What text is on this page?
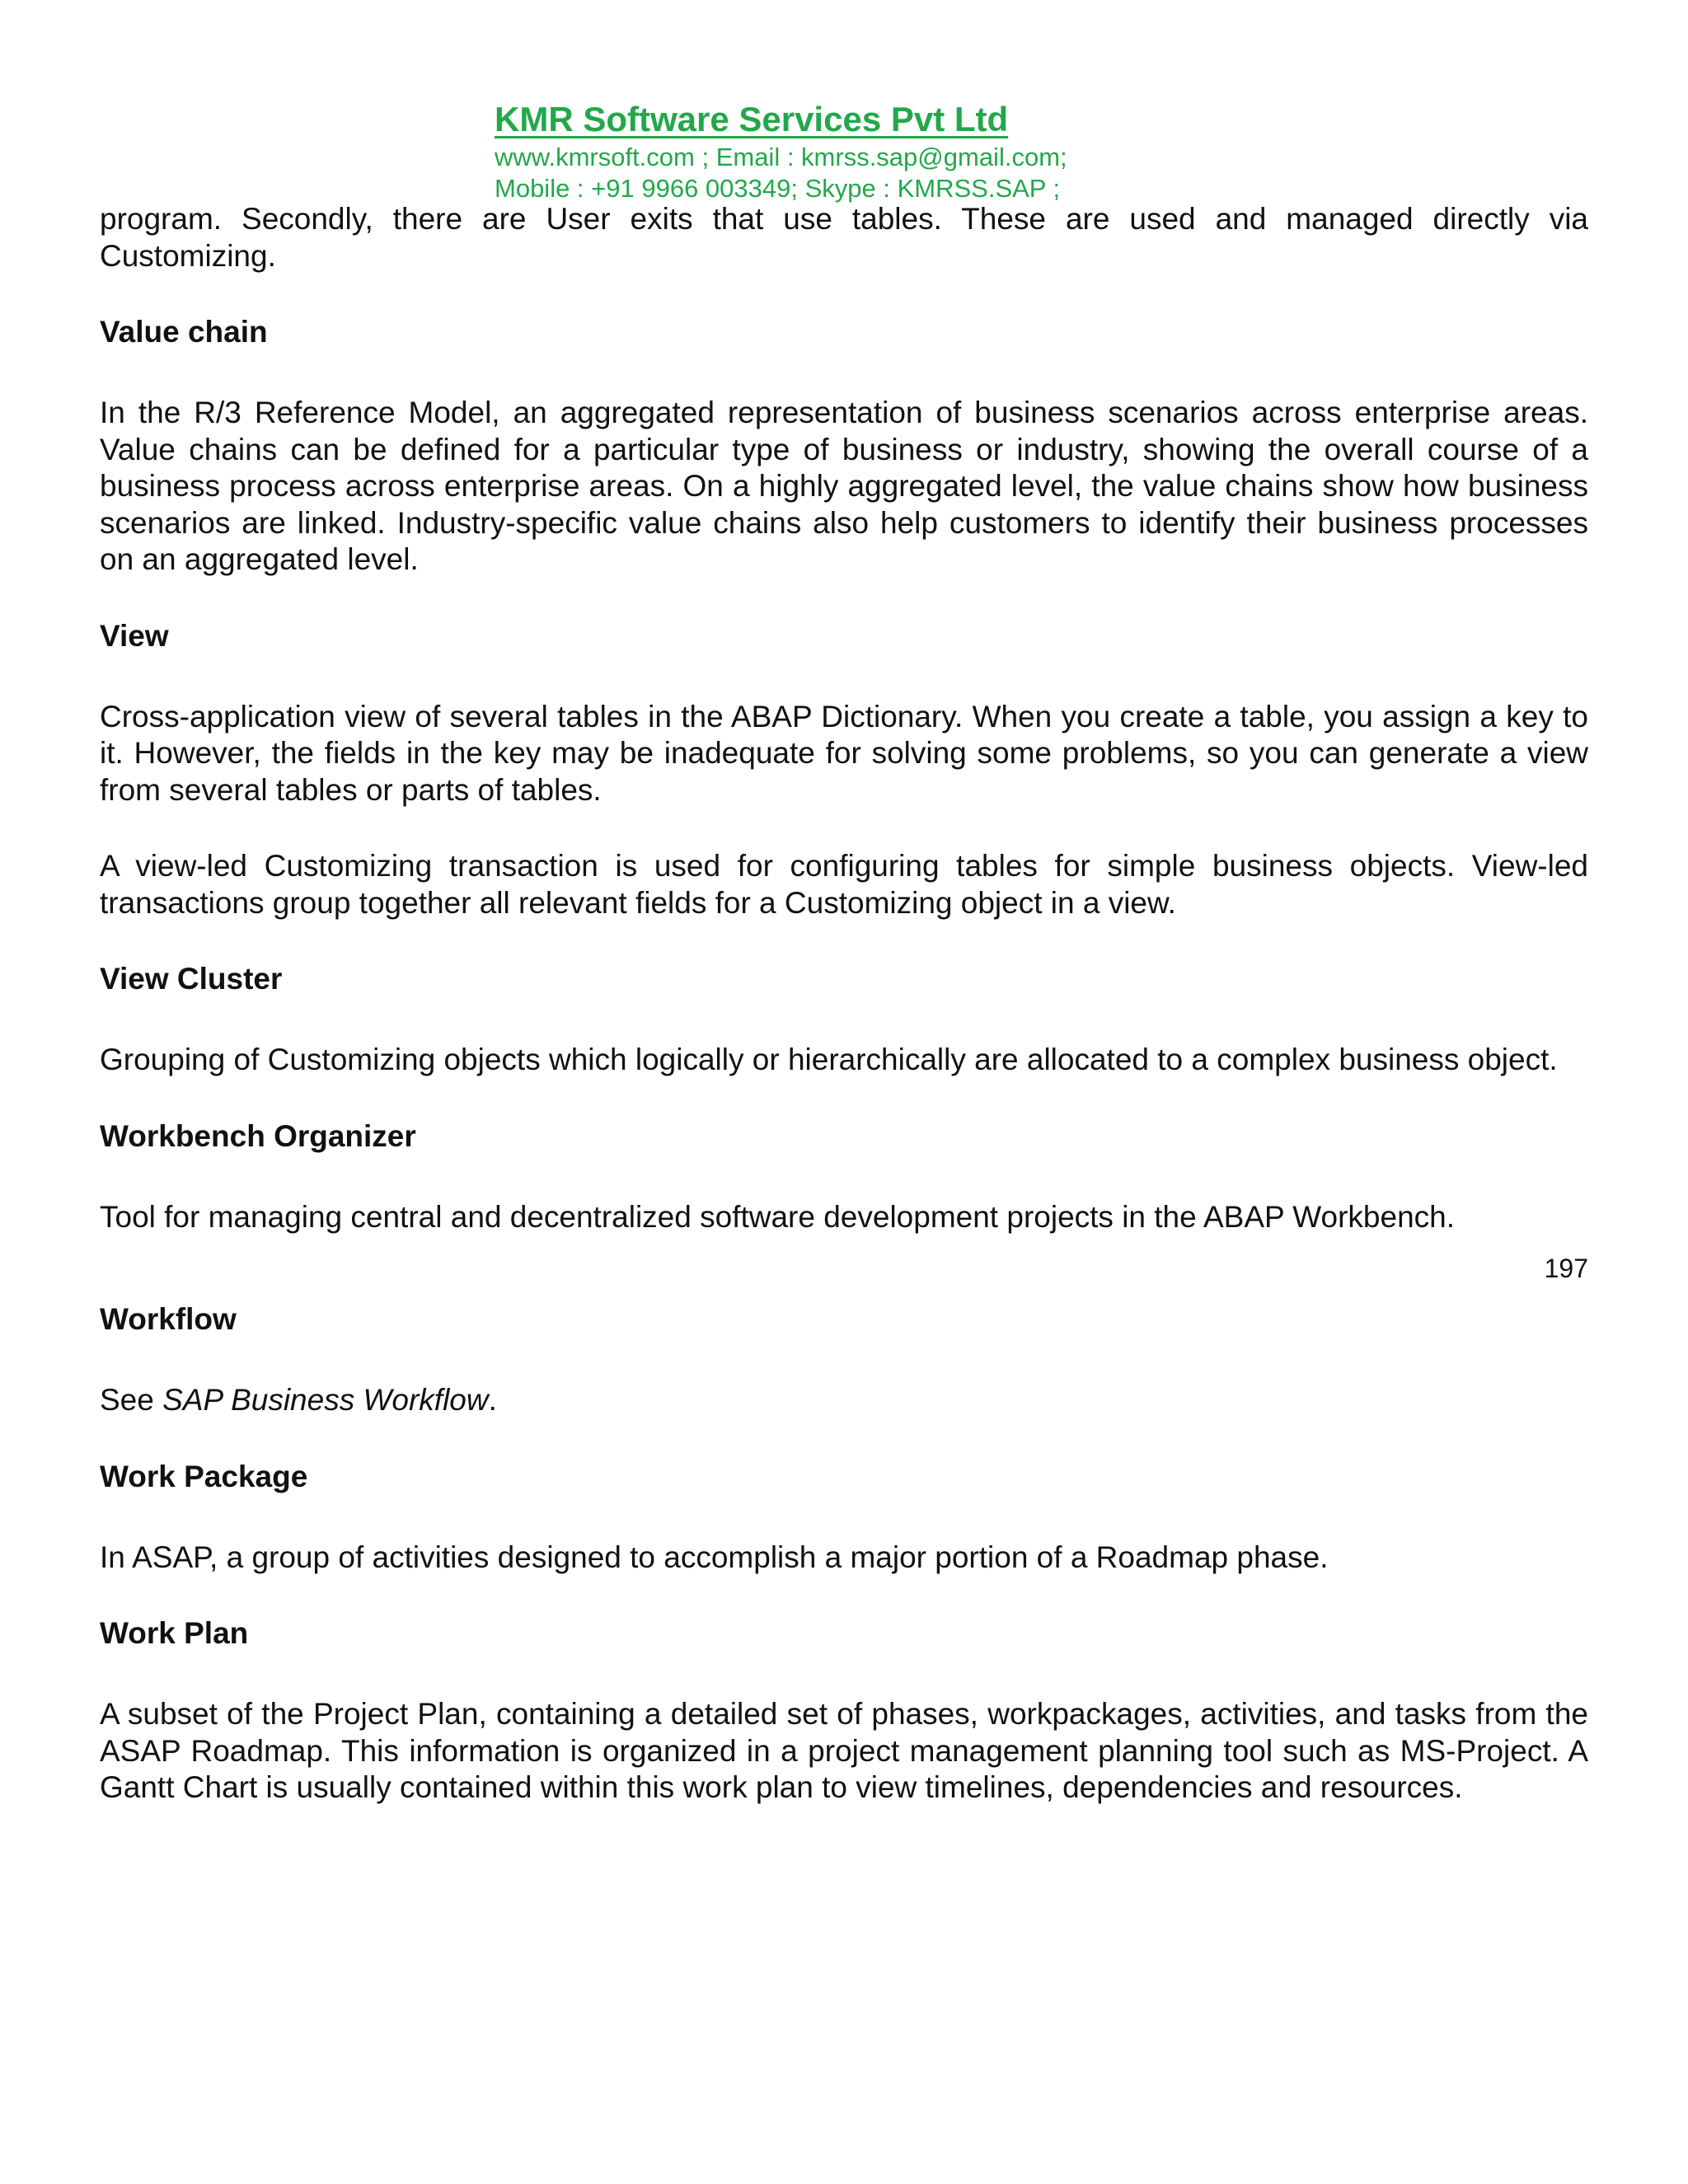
KMR Software Services Pvt Ltd
www.kmrsoft.com ; Email : kmrss.sap@gmail.com;
Mobile : +91 9966 003349; Skype : KMRSS.SAP ;

program. Secondly, there are User exits that use tables. These are used and managed directly via Customizing.

Value chain

In the R/3 Reference Model, an aggregated representation of business scenarios across enterprise areas. Value chains can be defined for a particular type of business or industry, showing the overall course of a business process across enterprise areas. On a highly aggregated level, the value chains show how business scenarios are linked. Industry-specific value chains also help customers to identify their business processes on an aggregated level.

View

Cross-application view of several tables in the ABAP Dictionary. When you create a table, you assign a key to it. However, the fields in the key may be inadequate for solving some problems, so you can generate a view from several tables or parts of tables.

A view-led Customizing transaction is used for configuring tables for simple business objects. View-led transactions group together all relevant fields for a Customizing object in a view.

View Cluster

Grouping of Customizing objects which logically or hierarchically are allocated to a complex business object.

Workbench Organizer

Tool for managing central and decentralized software development projects in the ABAP Workbench.

197

Workflow

See SAP Business Workflow.

Work Package

In ASAP, a group of activities designed to accomplish a major portion of a Roadmap phase.

Work Plan

A subset of the Project Plan, containing a detailed set of phases, workpackages, activities, and tasks from the ASAP Roadmap. This information is organized in a project management planning tool such as MS-Project. A Gantt Chart is usually contained within this work plan to view timelines, dependencies and resources.
